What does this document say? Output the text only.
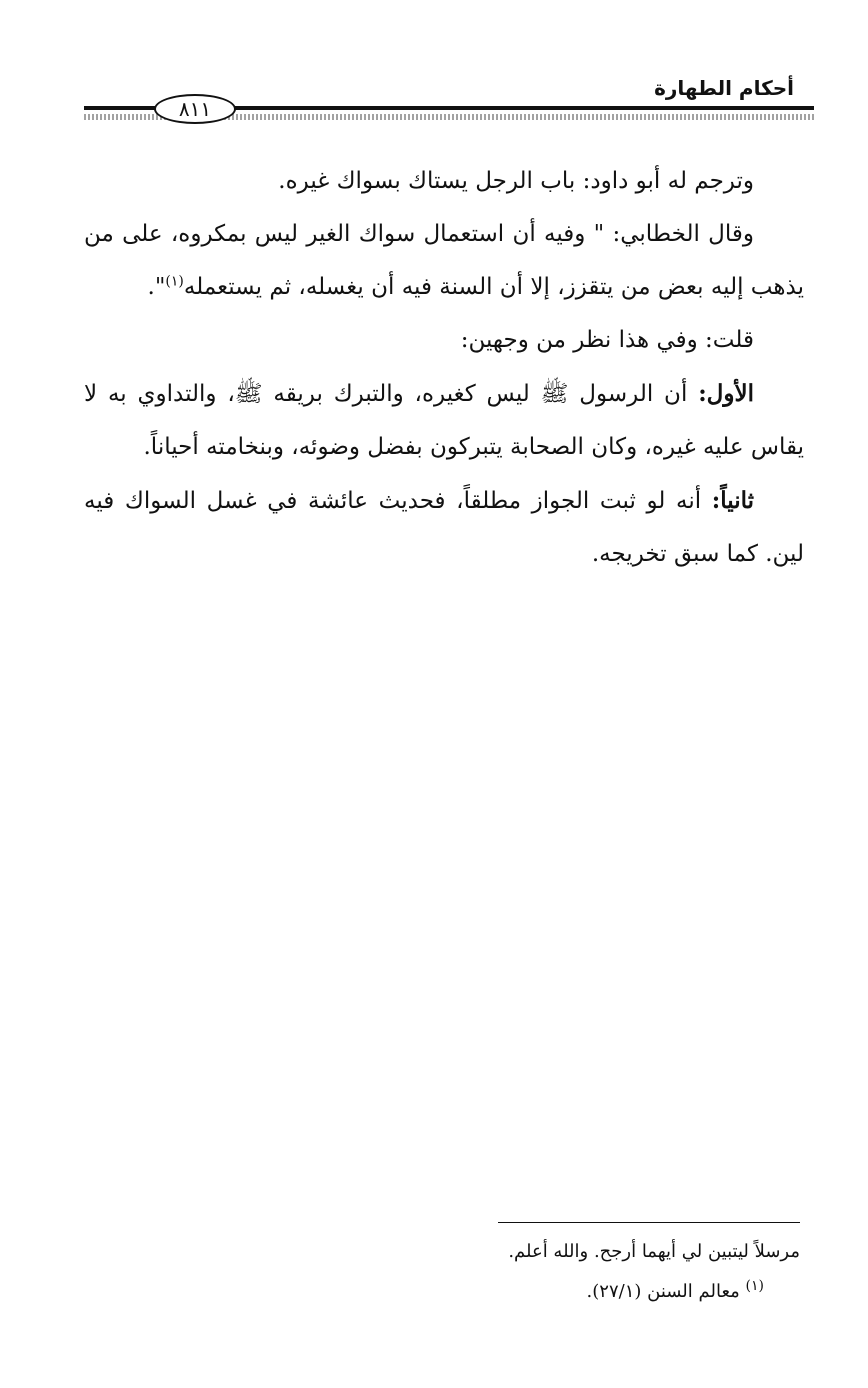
أحكام الطهارة
٨١١

وترجم له أبو داود: باب الرجل يستاك بسواك غيره.

وقال الخطابي: " وفيه أن استعمال سواك الغير ليس بمكروه، على من يذهب إليه بعض من يتقزز، إلا أن السنة فيه أن يغسله، ثم يستعمله$^{(١)}$".

قلت: وفي هذا نظر من وجهين:

الأول: أن الرسول ﷺ ليس كغيره، والتبرك بريقه ﷺ، والتداوي به لا يقاس عليه غيره، وكان الصحابة يتبركون بفضل وضوئه، وبنخامته أحياناً.

ثانياً: أنه لو ثبت الجواز مطلقاً، فحديث عائشة في غسل السواك فيه لين. كما سبق تخريجه.

مرسلاً ليتبين لي أيهما أرجح. والله أعلم.

$^{(١)}$ معالم السنن (٢٧/١).
